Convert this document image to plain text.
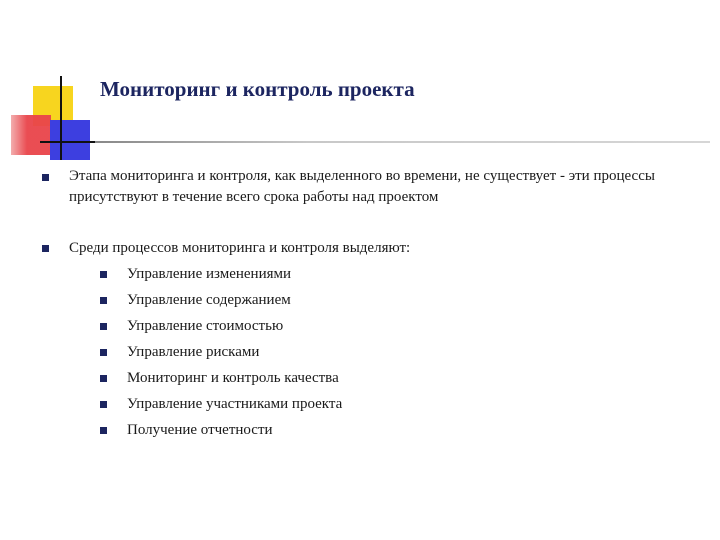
Мониторинг и контроль проекта
Этапа мониторинга и контроля, как выделенного во времени, не существует - эти процессы присутствуют в течение всего срока работы над проектом
Среди процессов мониторинга и контроля выделяют:
Управление изменениями
Управление содержанием
Управление стоимостью
Управление рисками
Мониторинг и контроль качества
Управление участниками проекта
Получение отчетности
